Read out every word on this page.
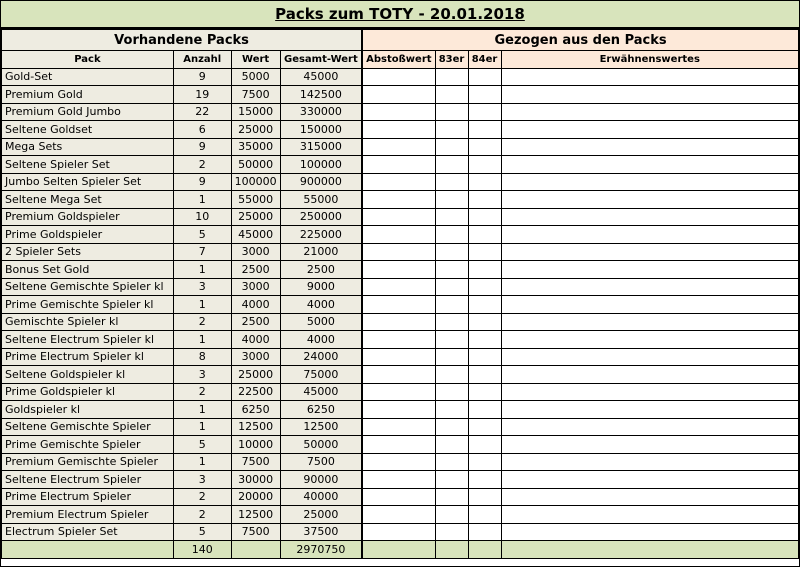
Packs zum TOTY - 20.01.2018
Vorhandene Packs				Gezogen aus den Packs			
Pack	Anzahl	Wert	Gesamt-Wert	Abstoßwert	83er	84er	Erwähnenswertes
Gold-Set	9	5000	45000				
Premium Gold	19	7500	142500				
Premium Gold Jumbo	22	15000	330000				
Seltene Goldset	6	25000	150000				
Mega Sets	9	35000	315000				
Seltene Spieler Set	2	50000	100000				
Jumbo Selten Spieler Set	9	100000	900000				
Seltene Mega Set	1	55000	55000				
Premium Goldspieler	10	25000	250000				
Prime Goldspieler	5	45000	225000				
2 Spieler Sets	7	3000	21000				
Bonus Set Gold	1	2500	2500				
Seltene Gemischte Spieler kl	3	3000	9000				
Prime Gemischte Spieler kl	1	4000	4000				
Gemischte Spieler kl	2	2500	5000				
Seltene Electrum Spieler kl	1	4000	4000				
Prime Electrum Spieler kl	8	3000	24000				
Seltene Goldspieler kl	3	25000	75000				
Prime Goldspieler kl	2	22500	45000				
Goldspieler kl	1	6250	6250				
Seltene Gemischte Spieler	1	12500	12500				
Prime Gemischte Spieler	5	10000	50000				
Premium Gemischte Spieler	1	7500	7500				
Seltene Electrum Spieler	3	30000	90000				
Prime Electrum Spieler	2	20000	40000				
Premium Electrum Spieler	2	12500	25000				
Electrum Spieler Set	5	7500	37500				
	140		2970750				
